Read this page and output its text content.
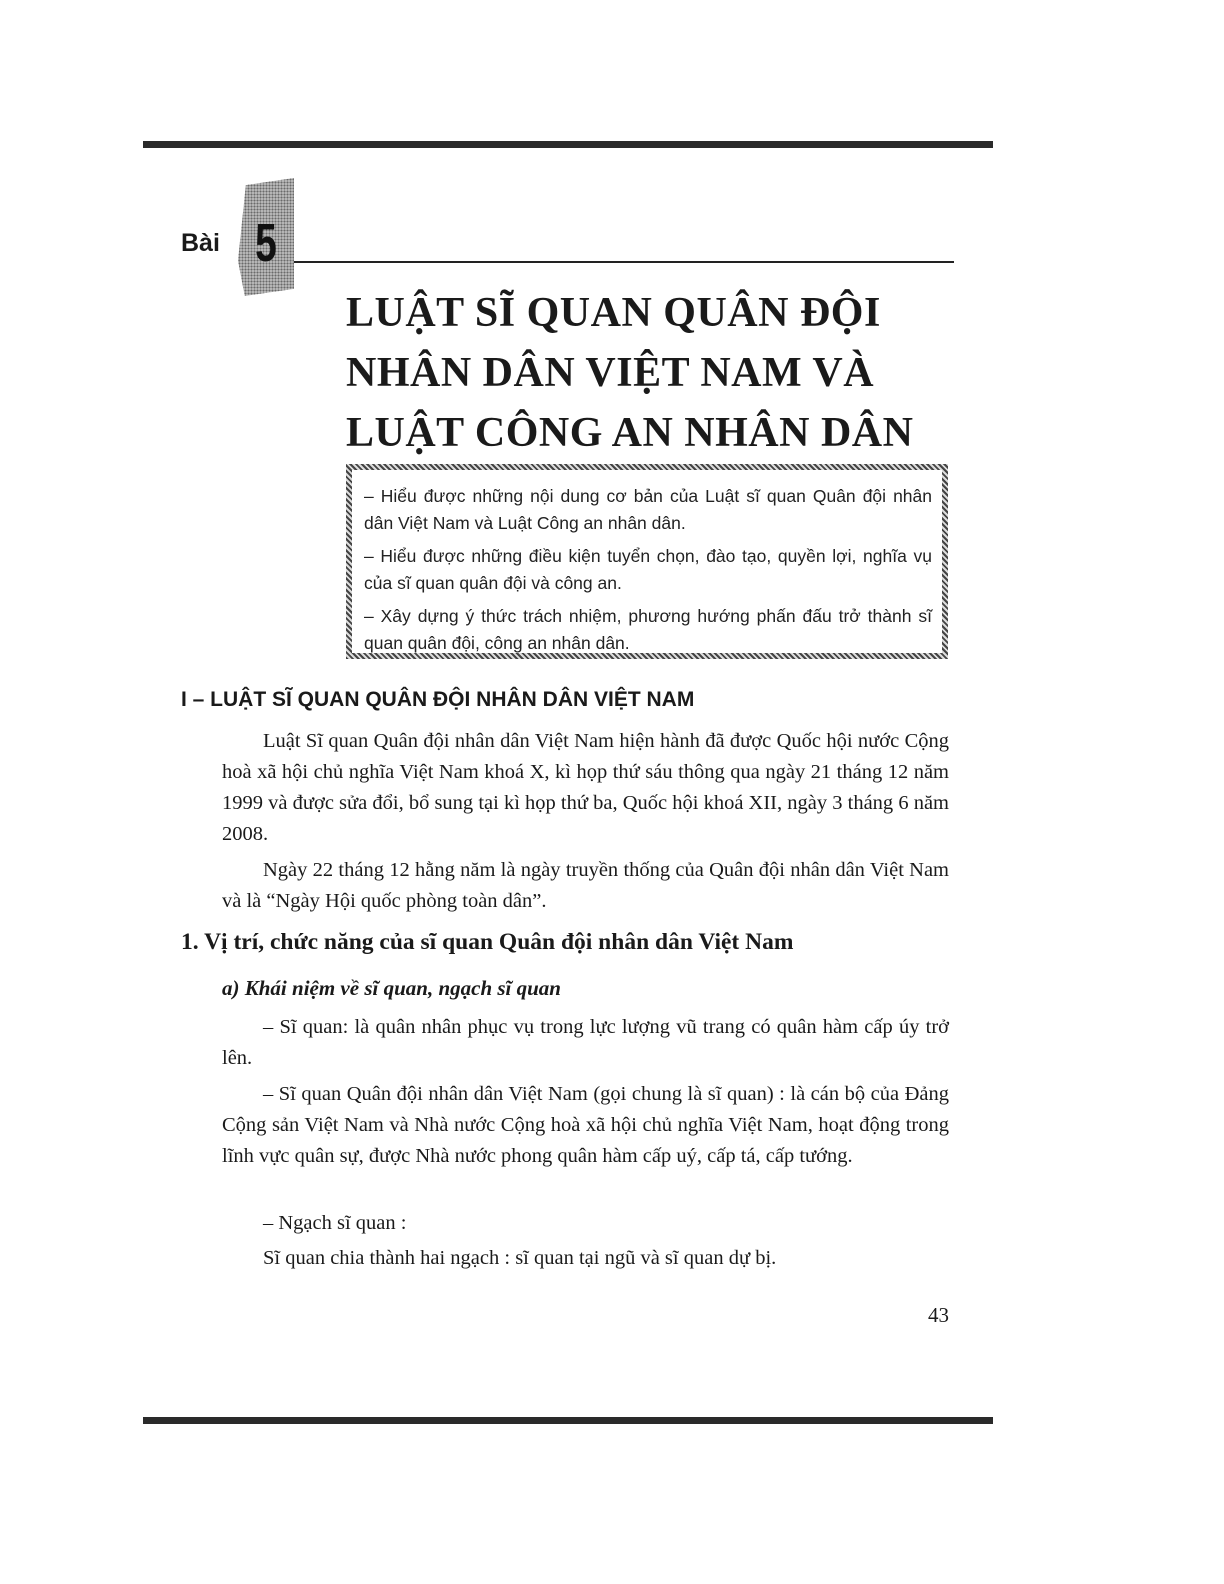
Bài 5
LUẬT SĨ QUAN QUÂN ĐỘI
NHÂN DÂN VIỆT NAM VÀ
LUẬT CÔNG AN NHÂN DÂN

– Hiểu được những nội dung cơ bản của Luật sĩ quan Quân đội nhân dân Việt Nam và Luật Công an nhân dân.

– Hiểu được những điều kiện tuyển chọn, đào tạo, quyền lợi, nghĩa vụ của sĩ quan quân đội và công an.

– Xây dựng ý thức trách nhiệm, phương hướng phấn đấu trở thành sĩ quan quân đội, công an nhân dân.

I – LUẬT SĨ QUAN QUÂN ĐỘI NHÂN DÂN VIỆT NAM

Luật Sĩ quan Quân đội nhân dân Việt Nam hiện hành đã được Quốc hội nước Cộng hoà xã hội chủ nghĩa Việt Nam khoá X, kì họp thứ sáu thông qua ngày 21 tháng 12 năm 1999 và được sửa đổi, bổ sung tại kì họp thứ ba, Quốc hội khoá XII, ngày 3 tháng 6 năm 2008.

Ngày 22 tháng 12 hằng năm là ngày truyền thống của Quân đội nhân dân Việt Nam và là “Ngày Hội quốc phòng toàn dân”.

1. Vị trí, chức năng của sĩ quan Quân đội nhân dân Việt Nam
a) Khái niệm về sĩ quan, ngạch sĩ quan

– Sĩ quan: là quân nhân phục vụ trong lực lượng vũ trang có quân hàm cấp úy trở lên.

– Sĩ quan Quân đội nhân dân Việt Nam (gọi chung là sĩ quan) : là cán bộ của Đảng Cộng sản Việt Nam và Nhà nước Cộng hoà xã hội chủ nghĩa Việt Nam, hoạt động trong lĩnh vực quân sự, được Nhà nước phong quân hàm cấp uý, cấp tá, cấp tướng.

– Ngạch sĩ quan :

Sĩ quan chia thành hai ngạch : sĩ quan tại ngũ và sĩ quan dự bị.

43
